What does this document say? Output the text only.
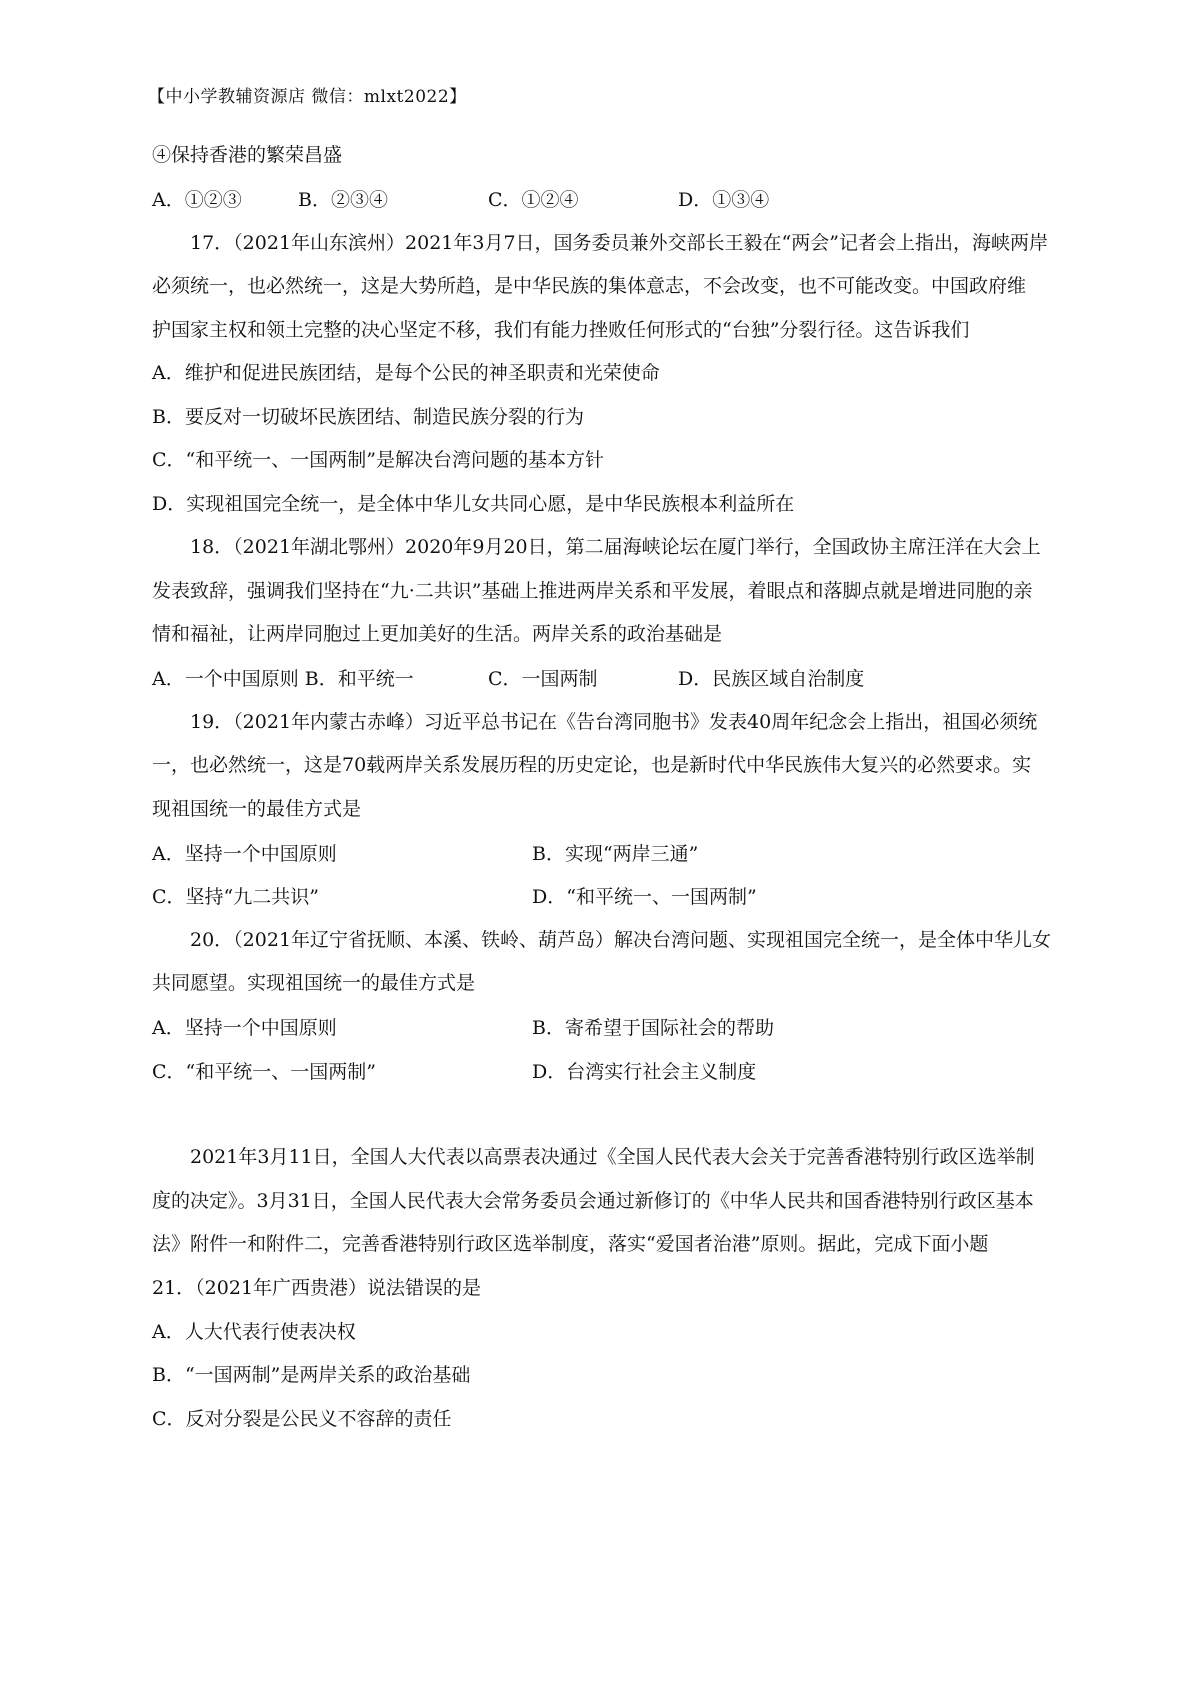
【中小学教辅资源店 微信：mlxt2022】
④保持香港的繁荣昌盛
A．①②③	B．②③④	C．①②④	D．①③④
17．（2021年山东滨州）2021年3月7日，国务委员兼外交部长王毅在“两会”记者会上指出，海峡两岸
必须统一，也必然统一，这是大势所趋，是中华民族的集体意志，不会改变，也不可能改变。中国政府维
护国家主权和领土完整的决心坚定不移，我们有能力挫败任何形式的“台独”分裂行径。这告诉我们
A．维护和促进民族团结，是每个公民的神圣职责和光荣使命
B．要反对一切破坏民族团结、制造民族分裂的行为
C．“和平统一、一国两制”是解决台湾问题的基本方针
D．实现祖国完全统一，是全体中华儿女共同心愿，是中华民族根本利益所在
18．（2021年湖北鄂州）2020年9月20日，第二届海峡论坛在厦门举行，全国政协主席汪洋在大会上
发表致辞，强调我们坚持在“九·二共识”基础上推进两岸关系和平发展，着眼点和落脚点就是增进同胞的亲
情和福祉，让两岸同胞过上更加美好的生活。两岸关系的政治基础是
A．一个中国原则 B．和平统一	C．一国两制	D．民族区域自治制度
19．（2021年内蒙古赤峰）习近平总书记在《告台湾同胞书》发表40周年纪念会上指出，祖国必须统
一，也必然统一，这是70载两岸关系发展历程的历史定论，也是新时代中华民族伟大复兴的必然要求。实
现祖国统一的最佳方式是
A．坚持一个中国原则	B．实现“两岸三通”
C．坚持“九二共识”	D．“和平统一、一国两制”
20．（2021年辽宁省抚顺、本溪、铁岭、葫芦岛）解决台湾问题、实现祖国完全统一，是全体中华儿女
共同愿望。实现祖国统一的最佳方式是
A．坚持一个中国原则	B．寄希望于国际社会的帮助
C．“和平统一、一国两制”	D．台湾实行社会主义制度
2021年3月11日，全国人大代表以高票表决通过《全国人民代表大会关于完善香港特别行政区选举制
度的决定》。3月31日，全国人民代表大会常务委员会通过新修订的《中华人民共和国香港特别行政区基本
法》附件一和附件二，完善香港特别行政区选举制度，落实“爱国者治港”原则。据此，完成下面小题
21．（2021年广西贵港）说法错误的是
A．人大代表行使表决权
B．“一国两制”是两岸关系的政治基础
C．反对分裂是公民义不容辞的责任
